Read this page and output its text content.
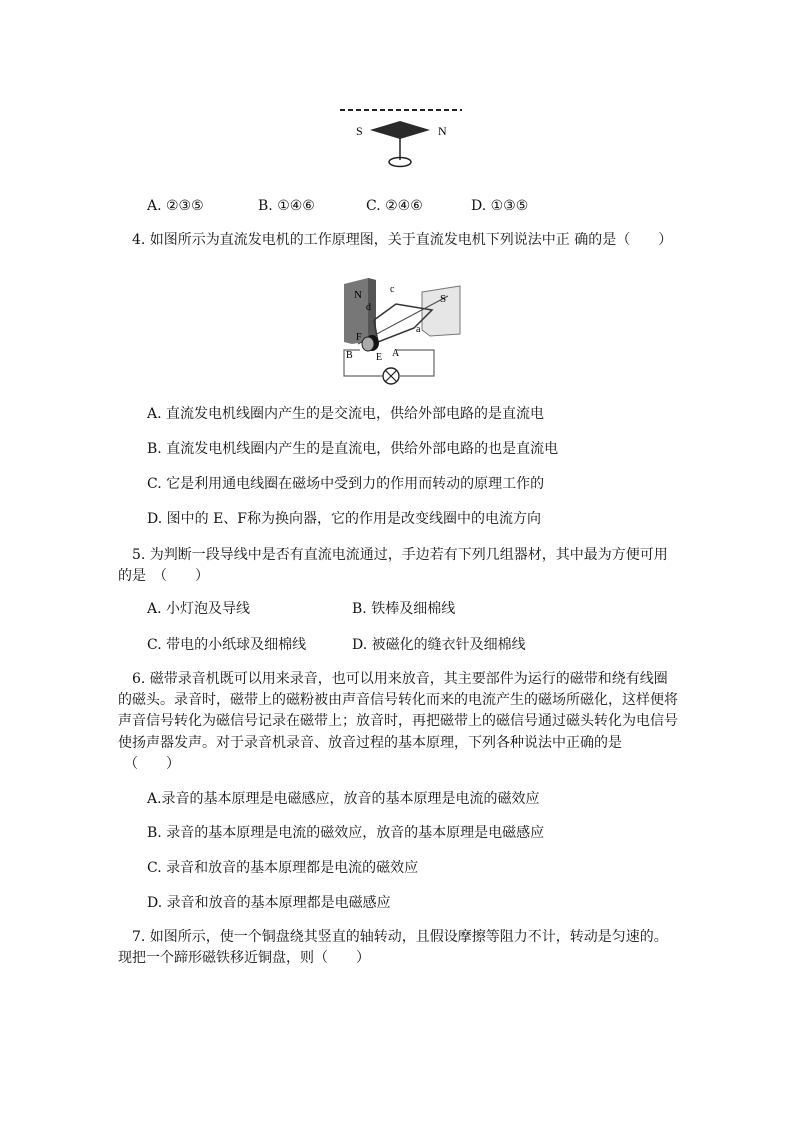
S	N
A. ②③⑤	B. ①④⑥	C. ②④⑥	D. ①③⑤
4. 如图所示为直流发电机的工作原理图，关于直流发电机下列说法中正 确的是（　　）
N
d
c
S
a
F
B E A
A. 直流发电机线圈内产生的是交流电，供给外部电路的是直流电
B. 直流发电机线圈内产生的是直流电，供给外部电路的也是直流电
C. 它是利用通电线圈在磁场中受到力的作用而转动的原理工作的
D. 图中的 E、F称为换向器，它的作用是改变线圈中的电流方向
5. 为判断一段导线中是否有直流电流通过，手边若有下列几组器材，其中最为方便可用
的是　（　　）
A. 小灯泡及导线	B. 铁棒及细棉线
C. 带电的小纸球及细棉线	D. 被磁化的缝衣针及细棉线
6. 磁带录音机既可以用来录音，也可以用来放音，其主要部件为运行的磁带和绕有线圈
的磁头。录音时，磁带上的磁粉被由声音信号转化而来的电流产生的磁场所磁化，这样便将
声音信号转化为磁信号记录在磁带上；放音时，再把磁带上的磁信号通过磁头转化为电信号
使扬声器发声。对于录音机录音、放音过程的基本原理，下列各种说法中正确的是
（　　）
A.录音的基本原理是电磁感应，放音的基本原理是电流的磁效应
B. 录音的基本原理是电流的磁效应，放音的基本原理是电磁感应
C. 录音和放音的基本原理都是电流的磁效应
D. 录音和放音的基本原理都是电磁感应
7. 如图所示，使一个铜盘绕其竖直的轴转动，且假设摩擦等阻力不计，转动是匀速的。
现把一个蹄形磁铁移近铜盘，则（　　）
